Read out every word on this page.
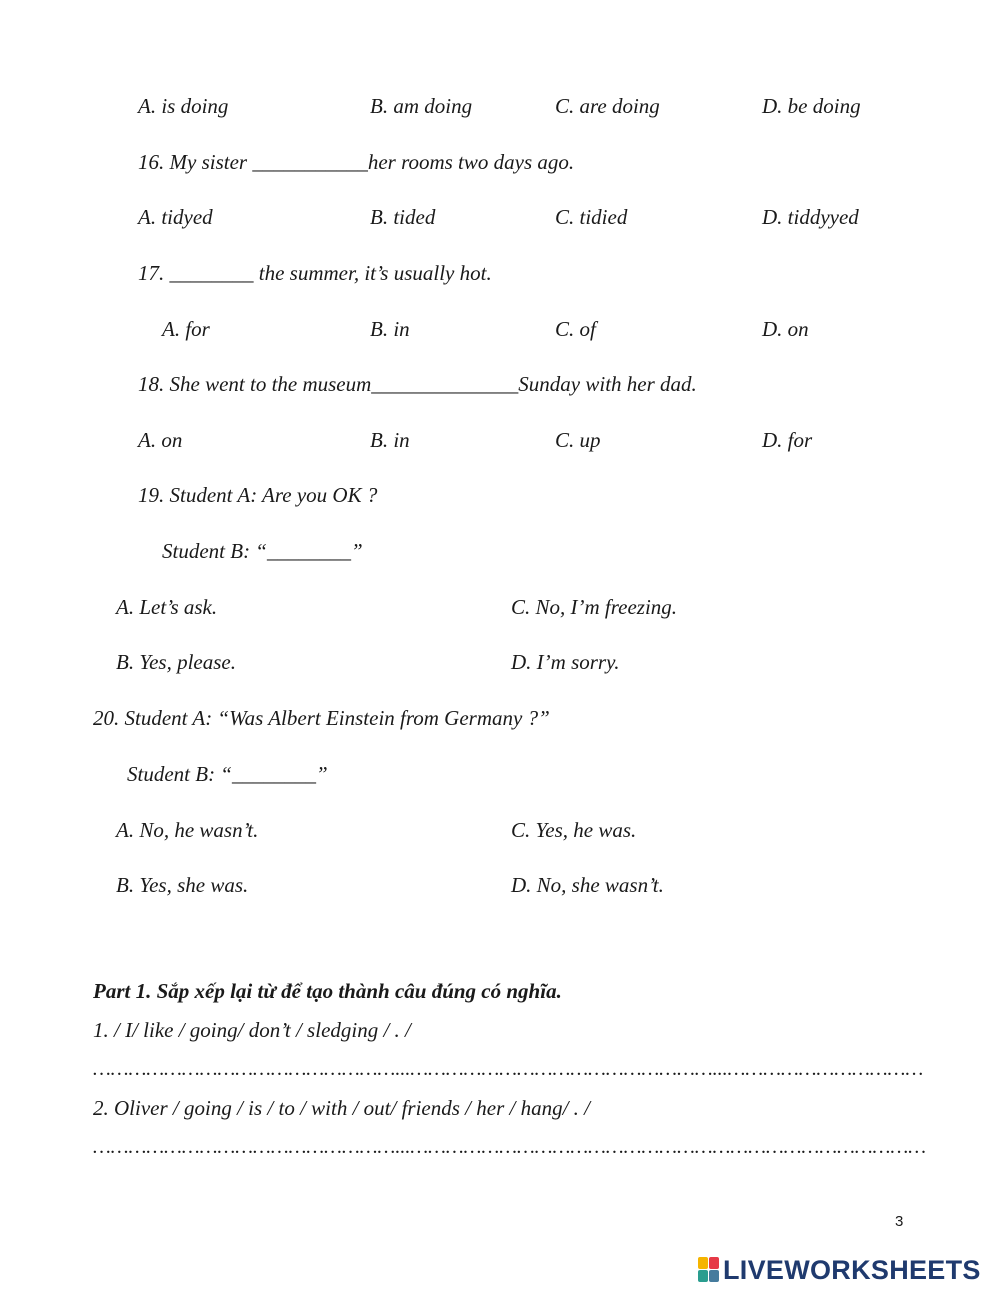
A. is doing	B. am doing	C. are doing	D. be doing
16. My sister ___________her rooms two days ago.
A. tidyed	B. tided	C. tidied	D. tiddyyed
17. ________ the summer, it’s usually hot.
A. for	B. in	C. of	D. on
18. She went to the museum______________Sunday with her dad.
A. on	B. in	C. up	D. for
19. Student A: Are you OK ?
Student B: “________”
A. Let’s ask.	C. No, I’m freezing.
B. Yes, please.	D. I’m sorry.
20. Student A: “Was Albert Einstein from Germany ?”
Student B: “________”
A. No, he wasn’t.	C. Yes, he was.
B. Yes, she was.	D. No, she wasn’t.
Part 1. Sắp xếp lại từ để tạo thành câu đúng có nghĩa.
1. / I/ like / going/ don’t / sledging / . /
……………………………………………...……………………………………………...……………………………
2. Oliver / going / is / to / with / out/ friends / her / hang/ . /
……………………………………………...……………………………………………………………………………
3
LIVEWORKSHEETS
